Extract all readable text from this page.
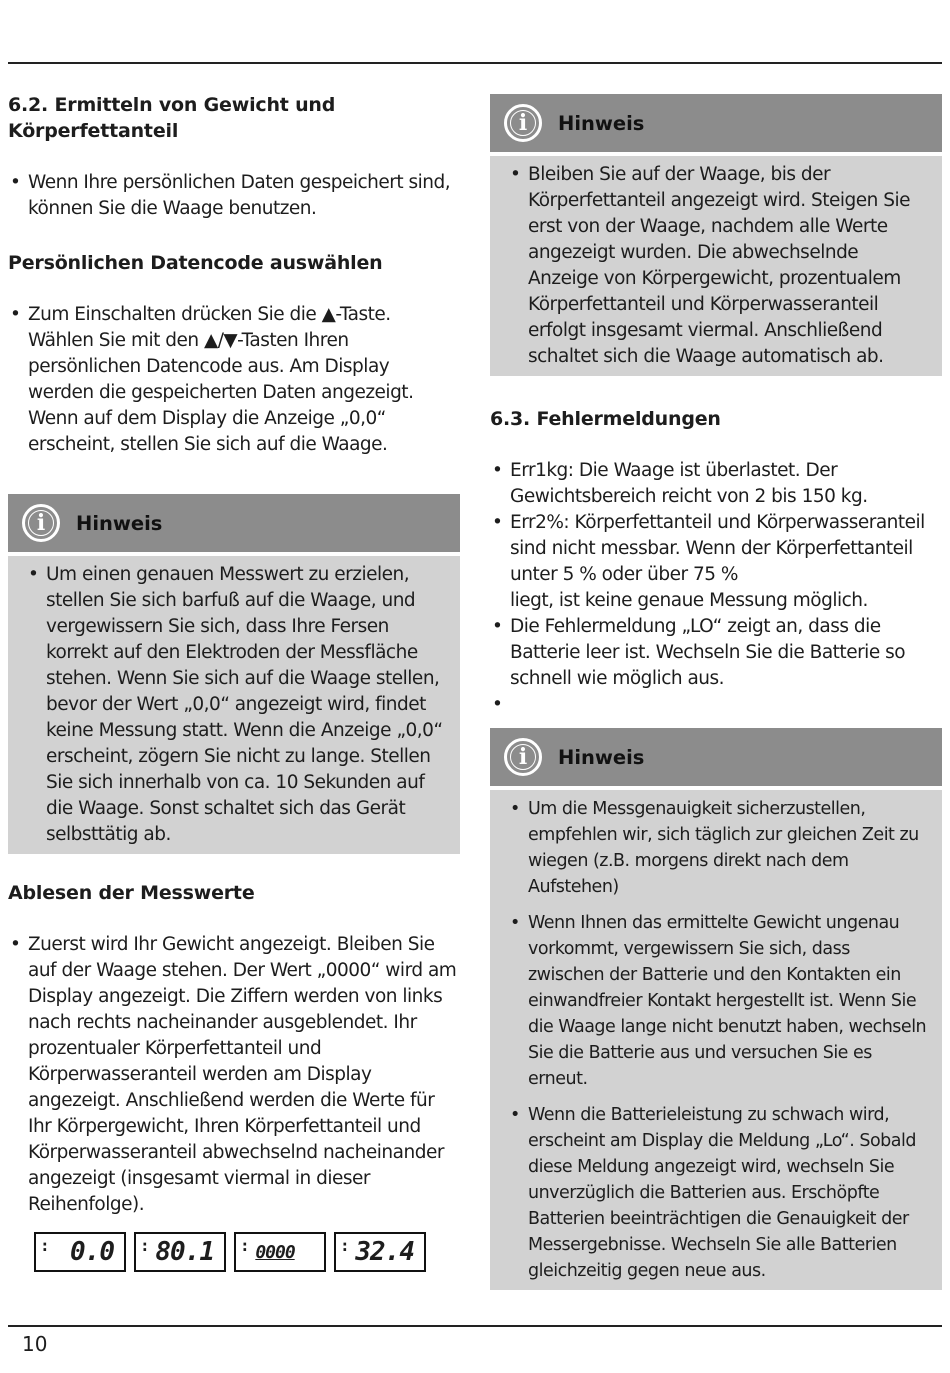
6.2. Ermitteln von Gewicht und
Körperfettanteil
• Wenn Ihre persönlichen Daten gespeichert sind, können Sie die Waage benutzen.
Persönlichen Datencode auswählen
• Zum Einschalten drücken Sie die ▲-Taste. Wählen Sie mit den ▲/▼-Tasten Ihren persönlichen Datencode aus. Am Display werden die gespeicherten Daten angezeigt. Wenn auf dem Display die Anzeige „0,0“ erscheint, stellen Sie sich auf die Waage.
i	Hinweis
• Um einen genauen Messwert zu erzielen, stellen Sie sich barfuß auf die Waage, und vergewissern Sie sich, dass Ihre Fersen korrekt auf den Elektroden der Messfläche stehen. Wenn Sie sich auf die Waage stellen, bevor der Wert „0,0“ angezeigt wird, findet keine Messung statt. Wenn die Anzeige „0,0“ erscheint, zögern Sie nicht zu lange. Stellen Sie sich innerhalb von ca. 10 Sekunden auf die Waage. Sonst schaltet sich das Gerät selbsttätig ab.
Ablesen der Messwerte
• Zuerst wird Ihr Gewicht angezeigt. Bleiben Sie auf der Waage stehen. Der Wert „0000“ wird am Display angezeigt. Die Ziffern werden von links nach rechts nacheinander ausgeblendet. Ihr prozentualer Körperfettanteil und Körperwasseranteil werden am Display angezeigt. Anschließend werden die Werte für Ihr Körpergewicht, Ihren Körperfettanteil und Körperwasseranteil abwechselnd nacheinander angezeigt (insgesamt viermal in dieser Reihenfolge).
: 0.0	: 80.1	: 0000	: 32.4
i	Hinweis
• Bleiben Sie auf der Waage, bis der Körperfettanteil angezeigt wird. Steigen Sie erst von der Waage, nachdem alle Werte angezeigt wurden. Die abwechselnde Anzeige von Körpergewicht, prozentualem Körperfettanteil und Körperwasseranteil erfolgt insgesamt viermal. Anschließend schaltet sich die Waage automatisch ab.
6.3. Fehlermeldungen
• Err1kg: Die Waage ist überlastet. Der Gewichtsbereich reicht von 2 bis 150 kg.
• Err2%: Körperfettanteil und Körperwasseranteil sind nicht messbar. Wenn der Körperfettanteil unter 5 % oder über 75 %
liegt, ist keine genaue Messung möglich.
• Die Fehlermeldung „LO“ zeigt an, dass die Batterie leer ist. Wechseln Sie die Batterie so schnell wie möglich aus.
•
i	Hinweis
• Um die Messgenauigkeit sicherzustellen, empfehlen wir, sich täglich zur gleichen Zeit zu wiegen (z.B. morgens direkt nach dem Aufstehen)
• Wenn Ihnen das ermittelte Gewicht ungenau vorkommt, vergewissern Sie sich, dass zwischen der Batterie und den Kontakten ein einwandfreier Kontakt hergestellt ist. Wenn Sie die Waage lange nicht benutzt haben, wechseln Sie die Batterie aus und versuchen Sie es erneut.
• Wenn die Batterieleistung zu schwach wird, erscheint am Display die Meldung „Lo“. Sobald diese Meldung angezeigt wird, wechseln Sie unverzüglich die Batterien aus. Erschöpfte Batterien beeinträchtigen die Genauigkeit der Messergebnisse. Wechseln Sie alle Batterien gleichzeitig gegen neue aus.
10
